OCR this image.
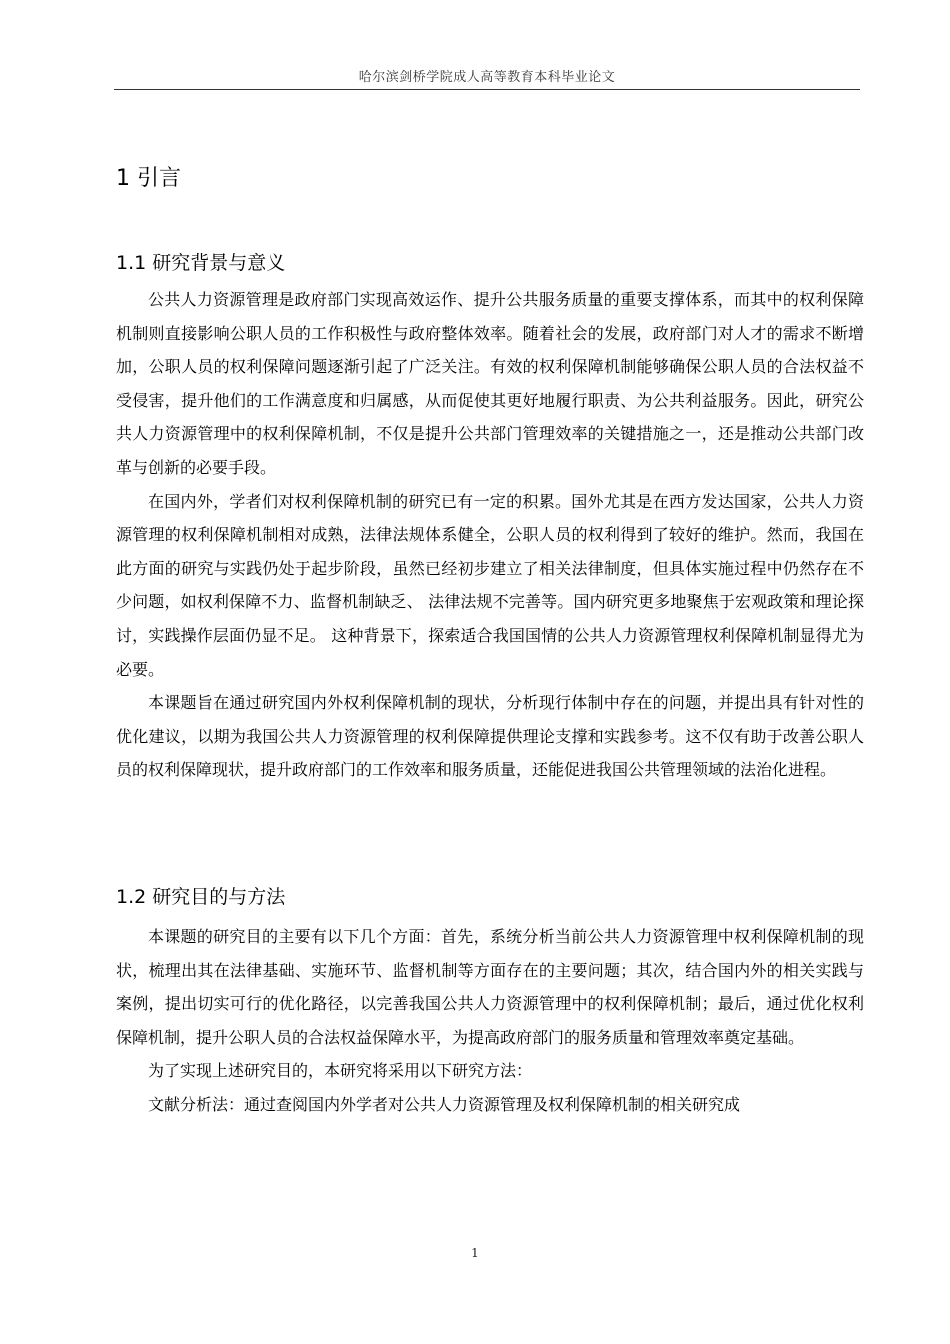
哈尔滨剑桥学院成人高等教育本科毕业论文
1 引言
1.1 研究背景与意义

公共人力资源管理是政府部门实现高效运作、提升公共服务质量的重要支撑体系，而其中的权利保障机制则直接影响公职人员的工作积极性与政府整体效率。随着社会的发展，政府部门对人才的需求不断增加，公职人员的权利保障问题逐渐引起了广泛关注。有效的权利保障机制能够确保公职人员的合法权益不受侵害，提升他们的工作满意度和归属感，从而促使其更好地履行职责、为公共利益服务。因此，研究公共人力资源管理中的权利保障机制，不仅是提升公共部门管理效率的关键措施之一，还是推动公共部门改革与创新的必要手段。

在国内外，学者们对权利保障机制的研究已有一定的积累。国外尤其是在西方发达国家，公共人力资源管理的权利保障机制相对成熟，法律法规体系健全，公职人员的权利得到了较好的维护。然而，我国在此方面的研究与实践仍处于起步阶段，虽然已经初步建立了相关法律制度，但具体实施过程中仍然存在不少问题，如权利保障不力、监督机制缺乏、 法律法规不完善等。国内研究更多地聚焦于宏观政策和理论探讨，实践操作层面仍显不足。 这种背景下，探索适合我国国情的公共人力资源管理权利保障机制显得尤为必要。

本课题旨在通过研究国内外权利保障机制的现状，分析现行体制中存在的问题，并提出具有针对性的优化建议，以期为我国公共人力资源管理的权利保障提供理论支撑和实践参考。这不仅有助于改善公职人员的权利保障现状，提升政府部门的工作效率和服务质量，还能促进我国公共管理领域的法治化进程。

1.2 研究目的与方法

本课题的研究目的主要有以下几个方面：首先，系统分析当前公共人力资源管理中权利保障机制的现状，梳理出其在法律基础、实施环节、监督机制等方面存在的主要问题；其次，结合国内外的相关实践与案例，提出切实可行的优化路径，以完善我国公共人力资源管理中的权利保障机制；最后，通过优化权利保障机制，提升公职人员的合法权益保障水平，为提高政府部门的服务质量和管理效率奠定基础。

为了实现上述研究目的，本研究将采用以下研究方法：

文献分析法：通过查阅国内外学者对公共人力资源管理及权利保障机制的相关研究成

1
